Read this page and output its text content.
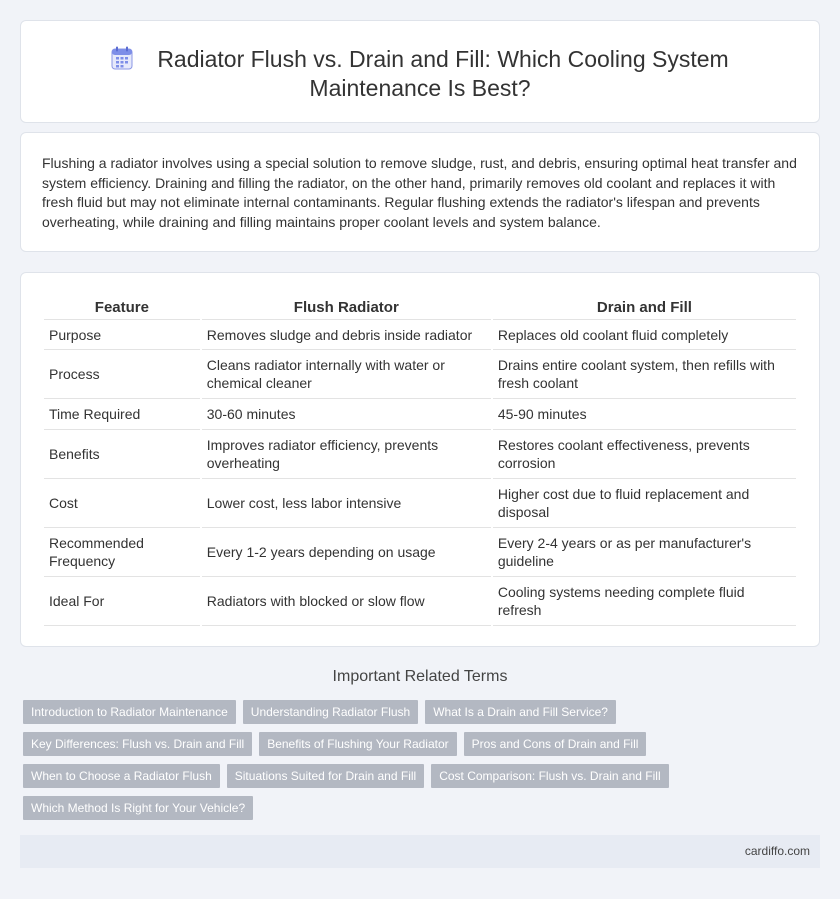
Radiator Flush vs. Drain and Fill: Which Cooling System
Maintenance Is Best?

Flushing a radiator involves using a special solution to remove sludge, rust, and debris, ensuring optimal heat transfer and system efficiency. Draining and filling the radiator, on the other hand, primarily removes old coolant and replaces it with fresh fluid but may not eliminate internal contaminants. Regular flushing extends the radiator's lifespan and prevents overheating, while draining and filling maintains proper coolant levels and system balance.

Feature	Flush Radiator	Drain and Fill
Purpose	Removes sludge and debris inside radiator	Replaces old coolant fluid completely
Process	Cleans radiator internally with water or chemical cleaner	Drains entire coolant system, then refills with fresh coolant
Time Required	30-60 minutes	45-90 minutes
Benefits	Improves radiator efficiency, prevents overheating	Restores coolant effectiveness, prevents corrosion
Cost	Lower cost, less labor intensive	Higher cost due to fluid replacement and disposal
Recommended Frequency	Every 1-2 years depending on usage	Every 2-4 years or as per manufacturer's guideline
Ideal For	Radiators with blocked or slow flow	Cooling systems needing complete fluid refresh
Important Related Terms
Introduction to Radiator Maintenance	Understanding Radiator Flush	What Is a Drain and Fill Service?
Key Differences: Flush vs. Drain and Fill	Benefits of Flushing Your Radiator	Pros and Cons of Drain and Fill
When to Choose a Radiator Flush	Situations Suited for Drain and Fill	Cost Comparison: Flush vs. Drain and Fill
Which Method Is Right for Your Vehicle?
cardiffo.com
